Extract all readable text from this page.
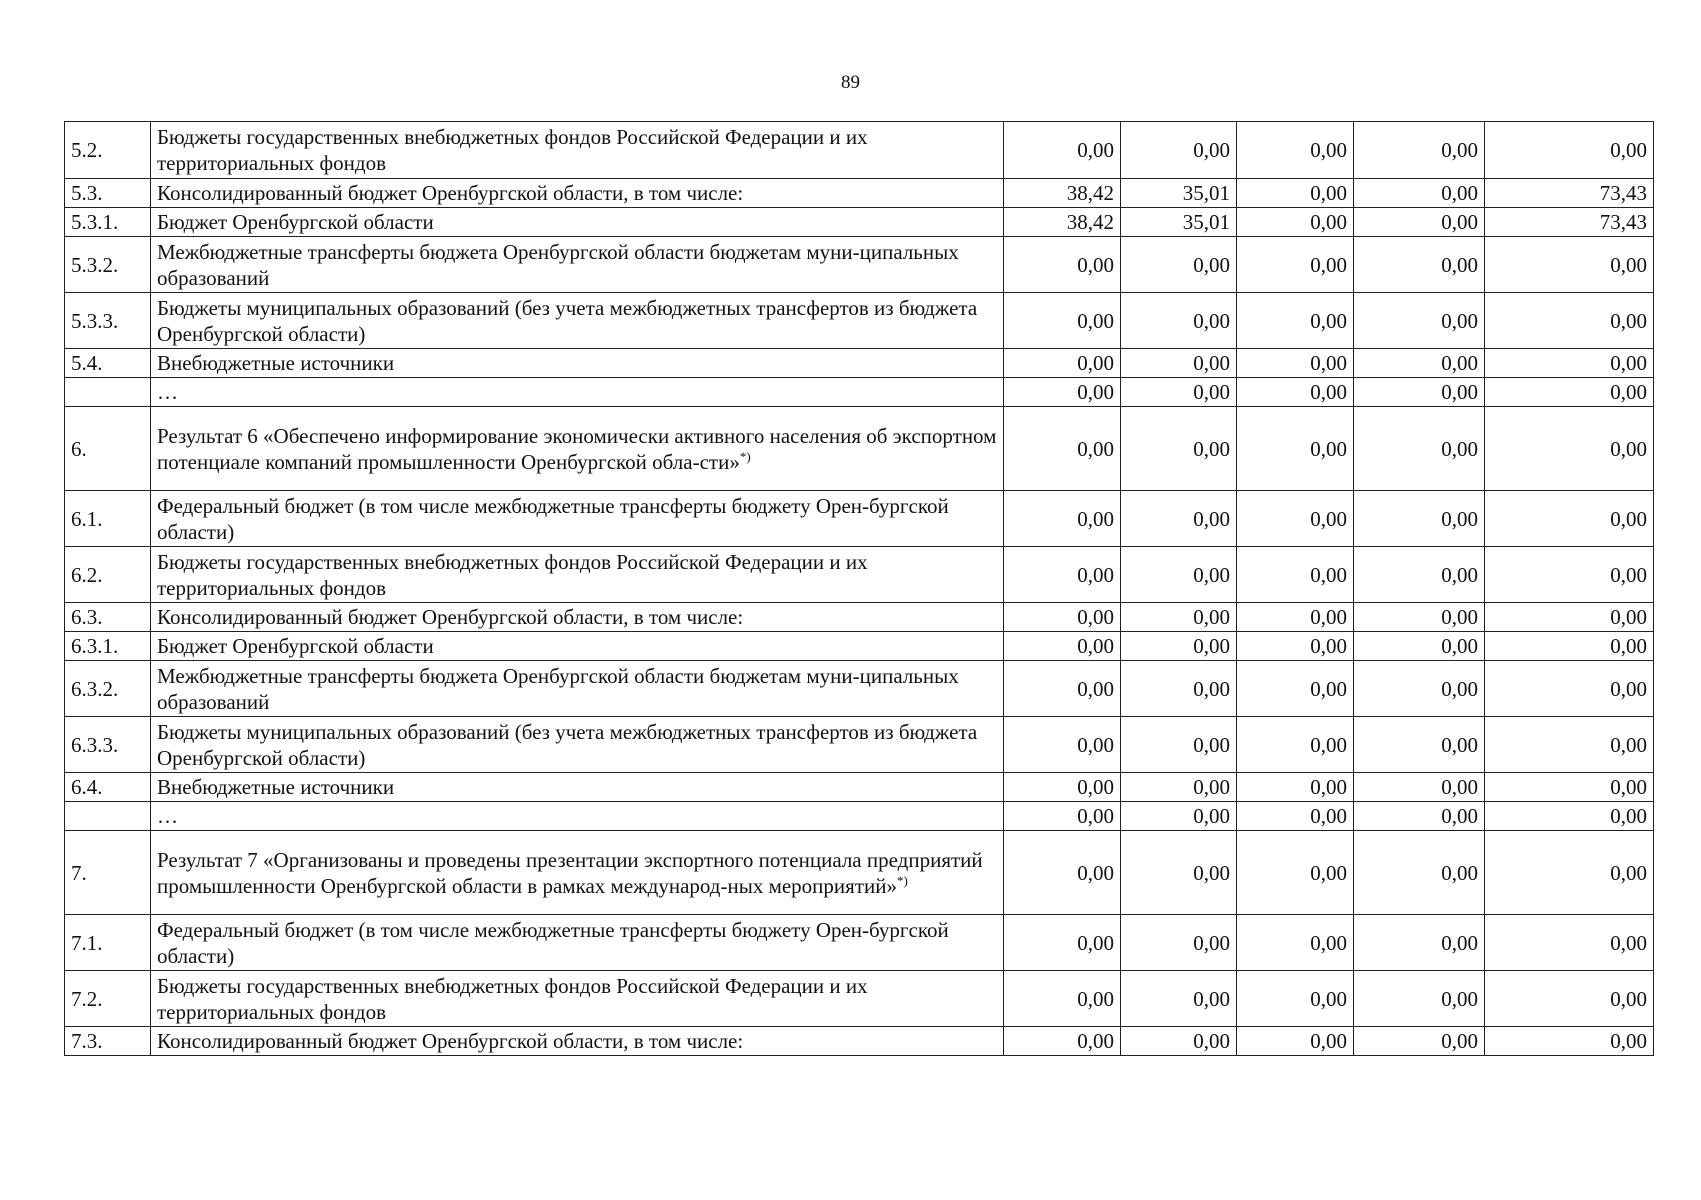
89
5.2.	Бюджеты государственных внебюджетных фондов Российской Федерации и их территориальных фондов	0,00	0,00	0,00	0,00	0,00
5.3.	Консолидированный бюджет Оренбургской области, в том числе:	38,42	35,01	0,00	0,00	73,43
5.3.1.	Бюджет Оренбургской области	38,42	35,01	0,00	0,00	73,43
5.3.2.	Межбюджетные трансферты бюджета Оренбургской области бюджетам муни-ципальных образований	0,00	0,00	0,00	0,00	0,00
5.3.3.	Бюджеты муниципальных образований (без учета межбюджетных трансфертов из бюджета Оренбургской области)	0,00	0,00	0,00	0,00	0,00
5.4.	Внебюджетные источники	0,00	0,00	0,00	0,00	0,00
	…	0,00	0,00	0,00	0,00	0,00
6.	Результат 6 «Обеспечено информирование экономически активного населения об экспортном потенциале компаний промышленности Оренбургской обла-сти»*)	0,00	0,00	0,00	0,00	0,00
6.1.	Федеральный бюджет (в том числе межбюджетные трансферты бюджету Орен-бургской области)	0,00	0,00	0,00	0,00	0,00
6.2.	Бюджеты государственных внебюджетных фондов Российской Федерации и их территориальных фондов	0,00	0,00	0,00	0,00	0,00
6.3.	Консолидированный бюджет Оренбургской области, в том числе:	0,00	0,00	0,00	0,00	0,00
6.3.1.	Бюджет Оренбургской области	0,00	0,00	0,00	0,00	0,00
6.3.2.	Межбюджетные трансферты бюджета Оренбургской области бюджетам муни-ципальных образований	0,00	0,00	0,00	0,00	0,00
6.3.3.	Бюджеты муниципальных образований (без учета межбюджетных трансфертов из бюджета Оренбургской области)	0,00	0,00	0,00	0,00	0,00
6.4.	Внебюджетные источники	0,00	0,00	0,00	0,00	0,00
	…	0,00	0,00	0,00	0,00	0,00
7.	Результат 7 «Организованы и проведены презентации экспортного потенциала предприятий промышленности Оренбургской области в рамках международ-ных мероприятий»*)	0,00	0,00	0,00	0,00	0,00
7.1.	Федеральный бюджет (в том числе межбюджетные трансферты бюджету Орен-бургской области)	0,00	0,00	0,00	0,00	0,00
7.2.	Бюджеты государственных внебюджетных фондов Российской Федерации и их территориальных фондов	0,00	0,00	0,00	0,00	0,00
7.3.	Консолидированный бюджет Оренбургской области, в том числе:	0,00	0,00	0,00	0,00	0,00
